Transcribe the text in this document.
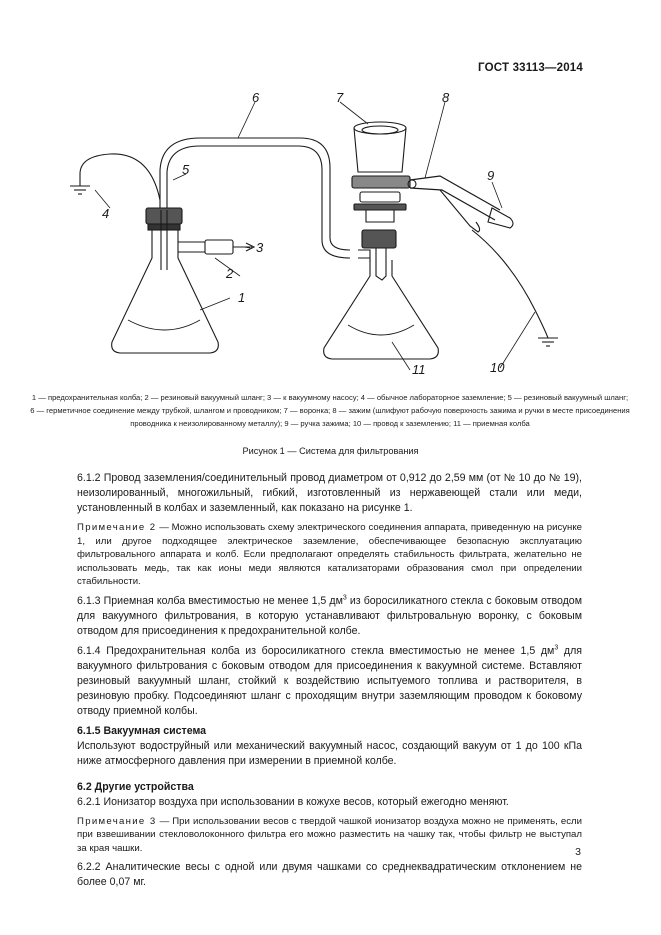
ГОСТ 33113—2014
6	7	8
9
4
5
3
2
1
10
11
1 — предохранительная колба; 2 — резиновый вакуумный шланг; 3 — к вакуумному насосу; 4 — обычное лабораторное заземление; 5 — резиновый вакуумный шланг; 6 — герметичное соединение между трубкой, шлангом и проводником; 7 — воронка; 8 — зажим (шлифуют рабочую поверхность зажима и ручки в месте присоединения проводника к неизолированному металлу); 9 — ручка зажима; 10 — провод к заземлению; 11 — приемная колба
Рисунок 1 — Система для фильтрования

6.1.2 Провод заземления/соединительный провод диаметром от 0,912 до 2,59 мм (от № 10 до № 19), неизолированный, многожильный, гибкий, изготовленный из нержавеющей стали или меди, установленный в колбах и заземленный, как показано на рисунке 1.

Примечание 2 — Можно использовать схему электрического соединения аппарата, приведенную на рисунке 1, или другое подходящее электрическое заземление, обеспечивающее безопасную эксплуатацию фильтровального аппарата и колб. Если предполагают определять стабильность фильтрата, желательно не использовать медь, так как ионы меди являются катализаторами образования смол при определении стабильности.

6.1.3 Приемная колба вместимостью не менее 1,5 $дм^3$ из боросиликатного стекла с боковым отводом для вакуумного фильтрования, в которую устанавливают фильтровальную воронку, с боковым отводом для присоединения к предохранительной колбе.

6.1.4 Предохранительная колба из боросиликатного стекла вместимостью не менее 1,5 $дм^3$ для вакуумного фильтрования с боковым отводом для присоединения к вакуумной системе. Вставляют резиновый вакуумный шланг, стойкий к воздействию испытуемого топлива и растворителя, в резиновую пробку. Подсоединяют шланг с проходящим внутри заземляющим проводом к боковому отводу приемной колбы.

6.1.5 Вакуумная система

Используют водоструйный или механический вакуумный насос, создающий вакуум от 1 до 100 кПа ниже атмосферного давления при измерении в приемной колбе.

6.2 Другие устройства

6.2.1 Ионизатор воздуха при использовании в кожухе весов, который ежегодно меняют.

Примечание 3 — При использовании весов с твердой чашкой ионизатор воздуха можно не применять, если при взвешивании стекловолоконного фильтра его можно разместить на чашку так, чтобы фильтр не выступал за края чашки.

6.2.2 Аналитические весы с одной или двумя чашками со среднеквадратическим отклонением не более 0,07 мг.

3
